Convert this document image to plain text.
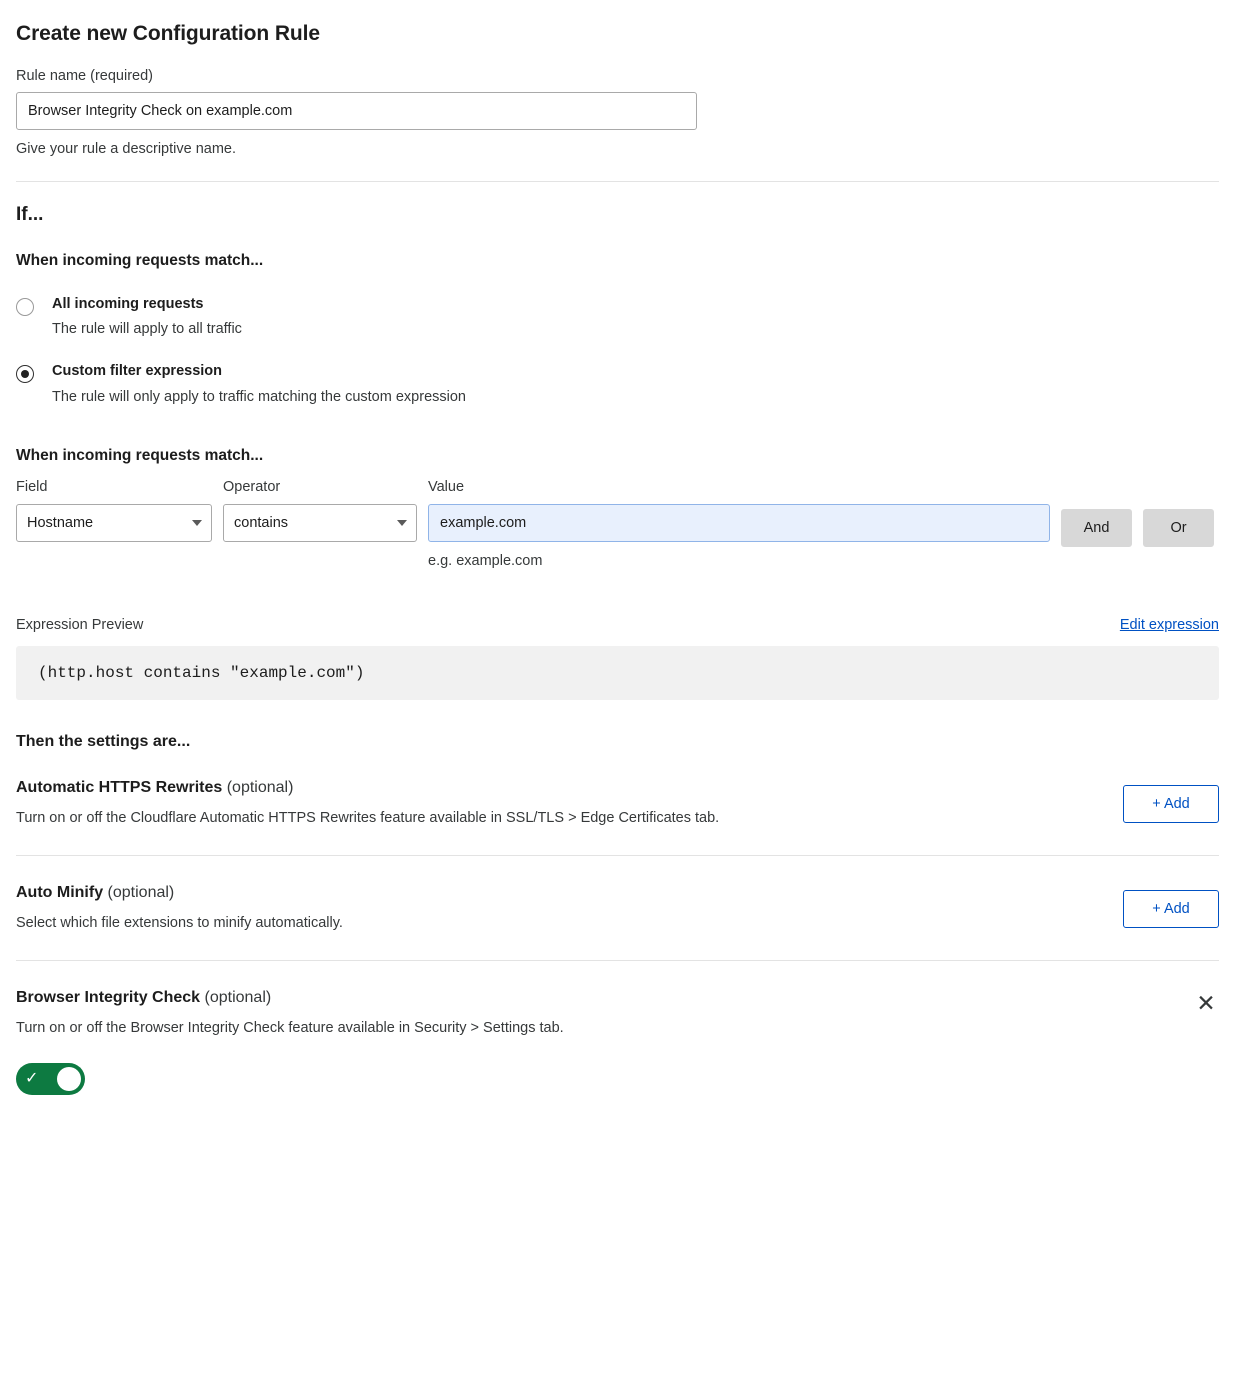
Create new Configuration Rule
Rule name (required)
Browser Integrity Check on example.com
Give your rule a descriptive name.
If...
When incoming requests match...
All incoming requests
The rule will apply to all traffic
Custom filter expression
The rule will only apply to traffic matching the custom expression
When incoming requests match...
Field
Hostname
Operator
contains
Value
example.com
e.g. example.com
And	Or
Expression Preview	Edit expression
(http.host contains "example.com")
Then the settings are...
Automatic HTTPS Rewrites (optional)
Turn on or off the Cloudflare Automatic HTTPS Rewrites feature available in SSL/TLS > Edge Certificates tab.
+ Add
Auto Minify (optional)
Select which file extensions to minify automatically.
+ Add
Browser Integrity Check (optional)
Turn on or off the Browser Integrity Check feature available in Security > Settings tab.
✕
✓
